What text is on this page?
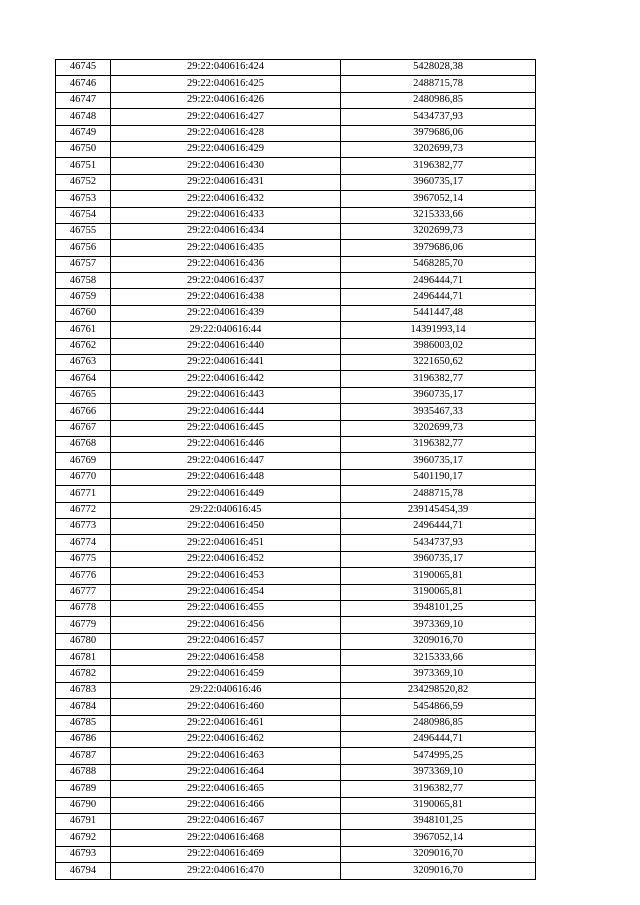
46745	29:22:040616:424	5428028,38
46746	29:22:040616:425	2488715,78
46747	29:22:040616:426	2480986,85
46748	29:22:040616:427	5434737,93
46749	29:22:040616:428	3979686,06
46750	29:22:040616:429	3202699,73
46751	29:22:040616:430	3196382,77
46752	29:22:040616:431	3960735,17
46753	29:22:040616:432	3967052,14
46754	29:22:040616:433	3215333,66
46755	29:22:040616:434	3202699,73
46756	29:22:040616:435	3979686,06
46757	29:22:040616:436	5468285,70
46758	29:22:040616:437	2496444,71
46759	29:22:040616:438	2496444,71
46760	29:22:040616:439	5441447,48
46761	29:22:040616:44	14391993,14
46762	29:22:040616:440	3986003,02
46763	29:22:040616:441	3221650,62
46764	29:22:040616:442	3196382,77
46765	29:22:040616:443	3960735,17
46766	29:22:040616:444	3935467,33
46767	29:22:040616:445	3202699,73
46768	29:22:040616:446	3196382,77
46769	29:22:040616:447	3960735,17
46770	29:22:040616:448	5401190,17
46771	29:22:040616:449	2488715,78
46772	29:22:040616:45	239145454,39
46773	29:22:040616:450	2496444,71
46774	29:22:040616:451	5434737,93
46775	29:22:040616:452	3960735,17
46776	29:22:040616:453	3190065,81
46777	29:22:040616:454	3190065,81
46778	29:22:040616:455	3948101,25
46779	29:22:040616:456	3973369,10
46780	29:22:040616:457	3209016,70
46781	29:22:040616:458	3215333,66
46782	29:22:040616:459	3973369,10
46783	29:22:040616:46	234298520,82
46784	29:22:040616:460	5454866,59
46785	29:22:040616:461	2480986,85
46786	29:22:040616:462	2496444,71
46787	29:22:040616:463	5474995,25
46788	29:22:040616:464	3973369,10
46789	29:22:040616:465	3196382,77
46790	29:22:040616:466	3190065,81
46791	29:22:040616:467	3948101,25
46792	29:22:040616:468	3967052,14
46793	29:22:040616:469	3209016,70
46794	29:22:040616:470	3209016,70
